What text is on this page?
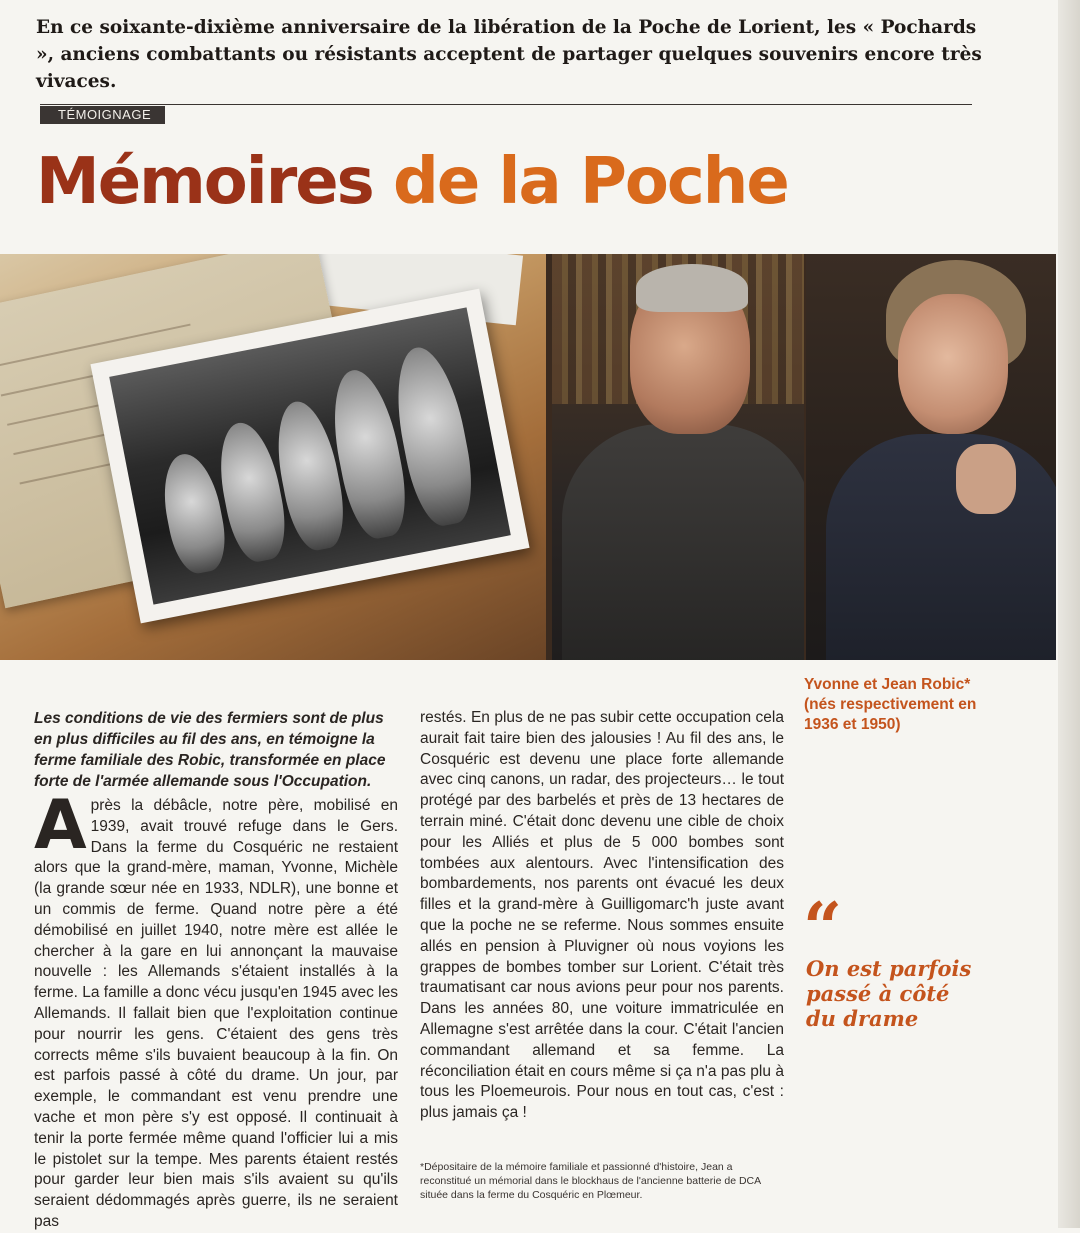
En ce soixante-dixième anniversaire de la libération de la Poche de Lorient, les « Pochards », anciens combattants ou résistants acceptent de partager quelques souvenirs encore très vivaces.

TÉMOIGNAGE
Mémoires de la Poche

Yvonne et Jean Robic* (nés respectivement en 1936 et 1950)

Les conditions de vie des fermiers sont de plus en plus difficiles au fil des ans, en témoigne la ferme familiale des Robic, transformée en place forte de l'armée allemande sous l'Occupation.

Après la débâcle, notre père, mobilisé en 1939, avait trouvé refuge dans le Gers. Dans la ferme du Cosquéric ne restaient alors que la grand-mère, maman, Yvonne, Michèle (la grande sœur née en 1933, NDLR), une bonne et un commis de ferme. Quand notre père a été démobilisé en juillet 1940, notre mère est allée le chercher à la gare en lui annonçant la mauvaise nouvelle : les Allemands s'étaient installés à la ferme. La famille a donc vécu jusqu'en 1945 avec les Allemands. Il fallait bien que l'exploitation continue pour nourrir les gens. C'étaient des gens très corrects même s'ils buvaient beaucoup à la fin. On est parfois passé à côté du drame. Un jour, par exemple, le commandant est venu prendre une vache et mon père s'y est opposé. Il continuait à tenir la porte fermée même quand l'officier lui a mis le pistolet sur la tempe. Mes parents étaient restés pour garder leur bien mais s'ils avaient su qu'ils seraient dédommagés après guerre, ils ne seraient pas
restés. En plus de ne pas subir cette occupation cela aurait fait taire bien des jalousies ! Au fil des ans, le Cosquéric est devenu une place forte allemande avec cinq canons, un radar, des projecteurs… le tout protégé par des barbelés et près de 13 hectares de terrain miné. C'était donc devenu une cible de choix pour les Alliés et plus de 5 000 bombes sont tombées aux alentours. Avec l'intensification des bombardements, nos parents ont évacué les deux filles et la grand-mère à Guilligomarc'h juste avant que la poche ne se referme. Nous sommes ensuite allés en pension à Pluvigner où nous voyions les grappes de bombes tomber sur Lorient. C'était très traumatisant car nous avions peur pour nos parents. Dans les années 80, une voiture immatriculée en Allemagne s'est arrêtée dans la cour. C'était l'ancien commandant allemand et sa femme. La réconciliation était en cours même si ça n'a pas plu à tous les Ploemeurois. Pour nous en tout cas, c'est : plus jamais ça !
“

On est parfois passé à côté du drame

*Dépositaire de la mémoire familiale et passionné d'histoire, Jean a reconstitué un mémorial dans le blockhaus de l'ancienne batterie de DCA située dans la ferme du Cosquéric en Plœmeur.
